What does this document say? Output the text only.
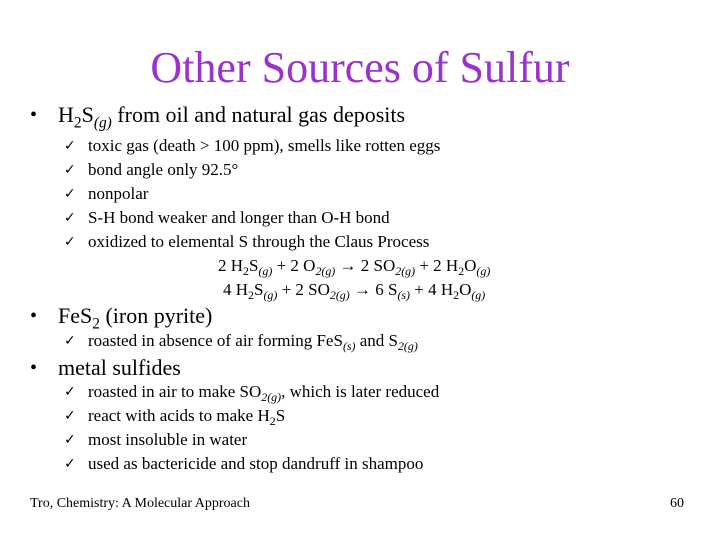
Other Sources of Sulfur
• $H_2S_{(g)}$ from oil and natural gas deposits
✓ toxic gas (death > 100 ppm), smells like rotten eggs
✓ bond angle only 92.5°
✓ nonpolar
✓ S-H bond weaker and longer than O-H bond
✓ oxidized to elemental S through the Claus Process
2 $H_2S_{(g)} + 2$ $O_{2(g)} \to 2$ $SO_{2(g)} + 2$ $H_2O_{(g)}$
4 $H_2S_{(g)} + 2$ $SO_{2(g)} \to 6$ $S_{(s)} + 4$ $H_2O_{(g)}$
• FeS$_2$ (iron pyrite)
✓ roasted in absence of air forming FeS$_{(s)}$ and $S_{2(g)}$
• metal sulfides
✓ roasted in air to make $SO_{2(g)}$, which is later reduced
✓ react with acids to make $H_2S$
✓ most insoluble in water
✓ used as bactericide and stop dandruff in shampoo
Tro, Chemistry: A Molecular Approach	60
